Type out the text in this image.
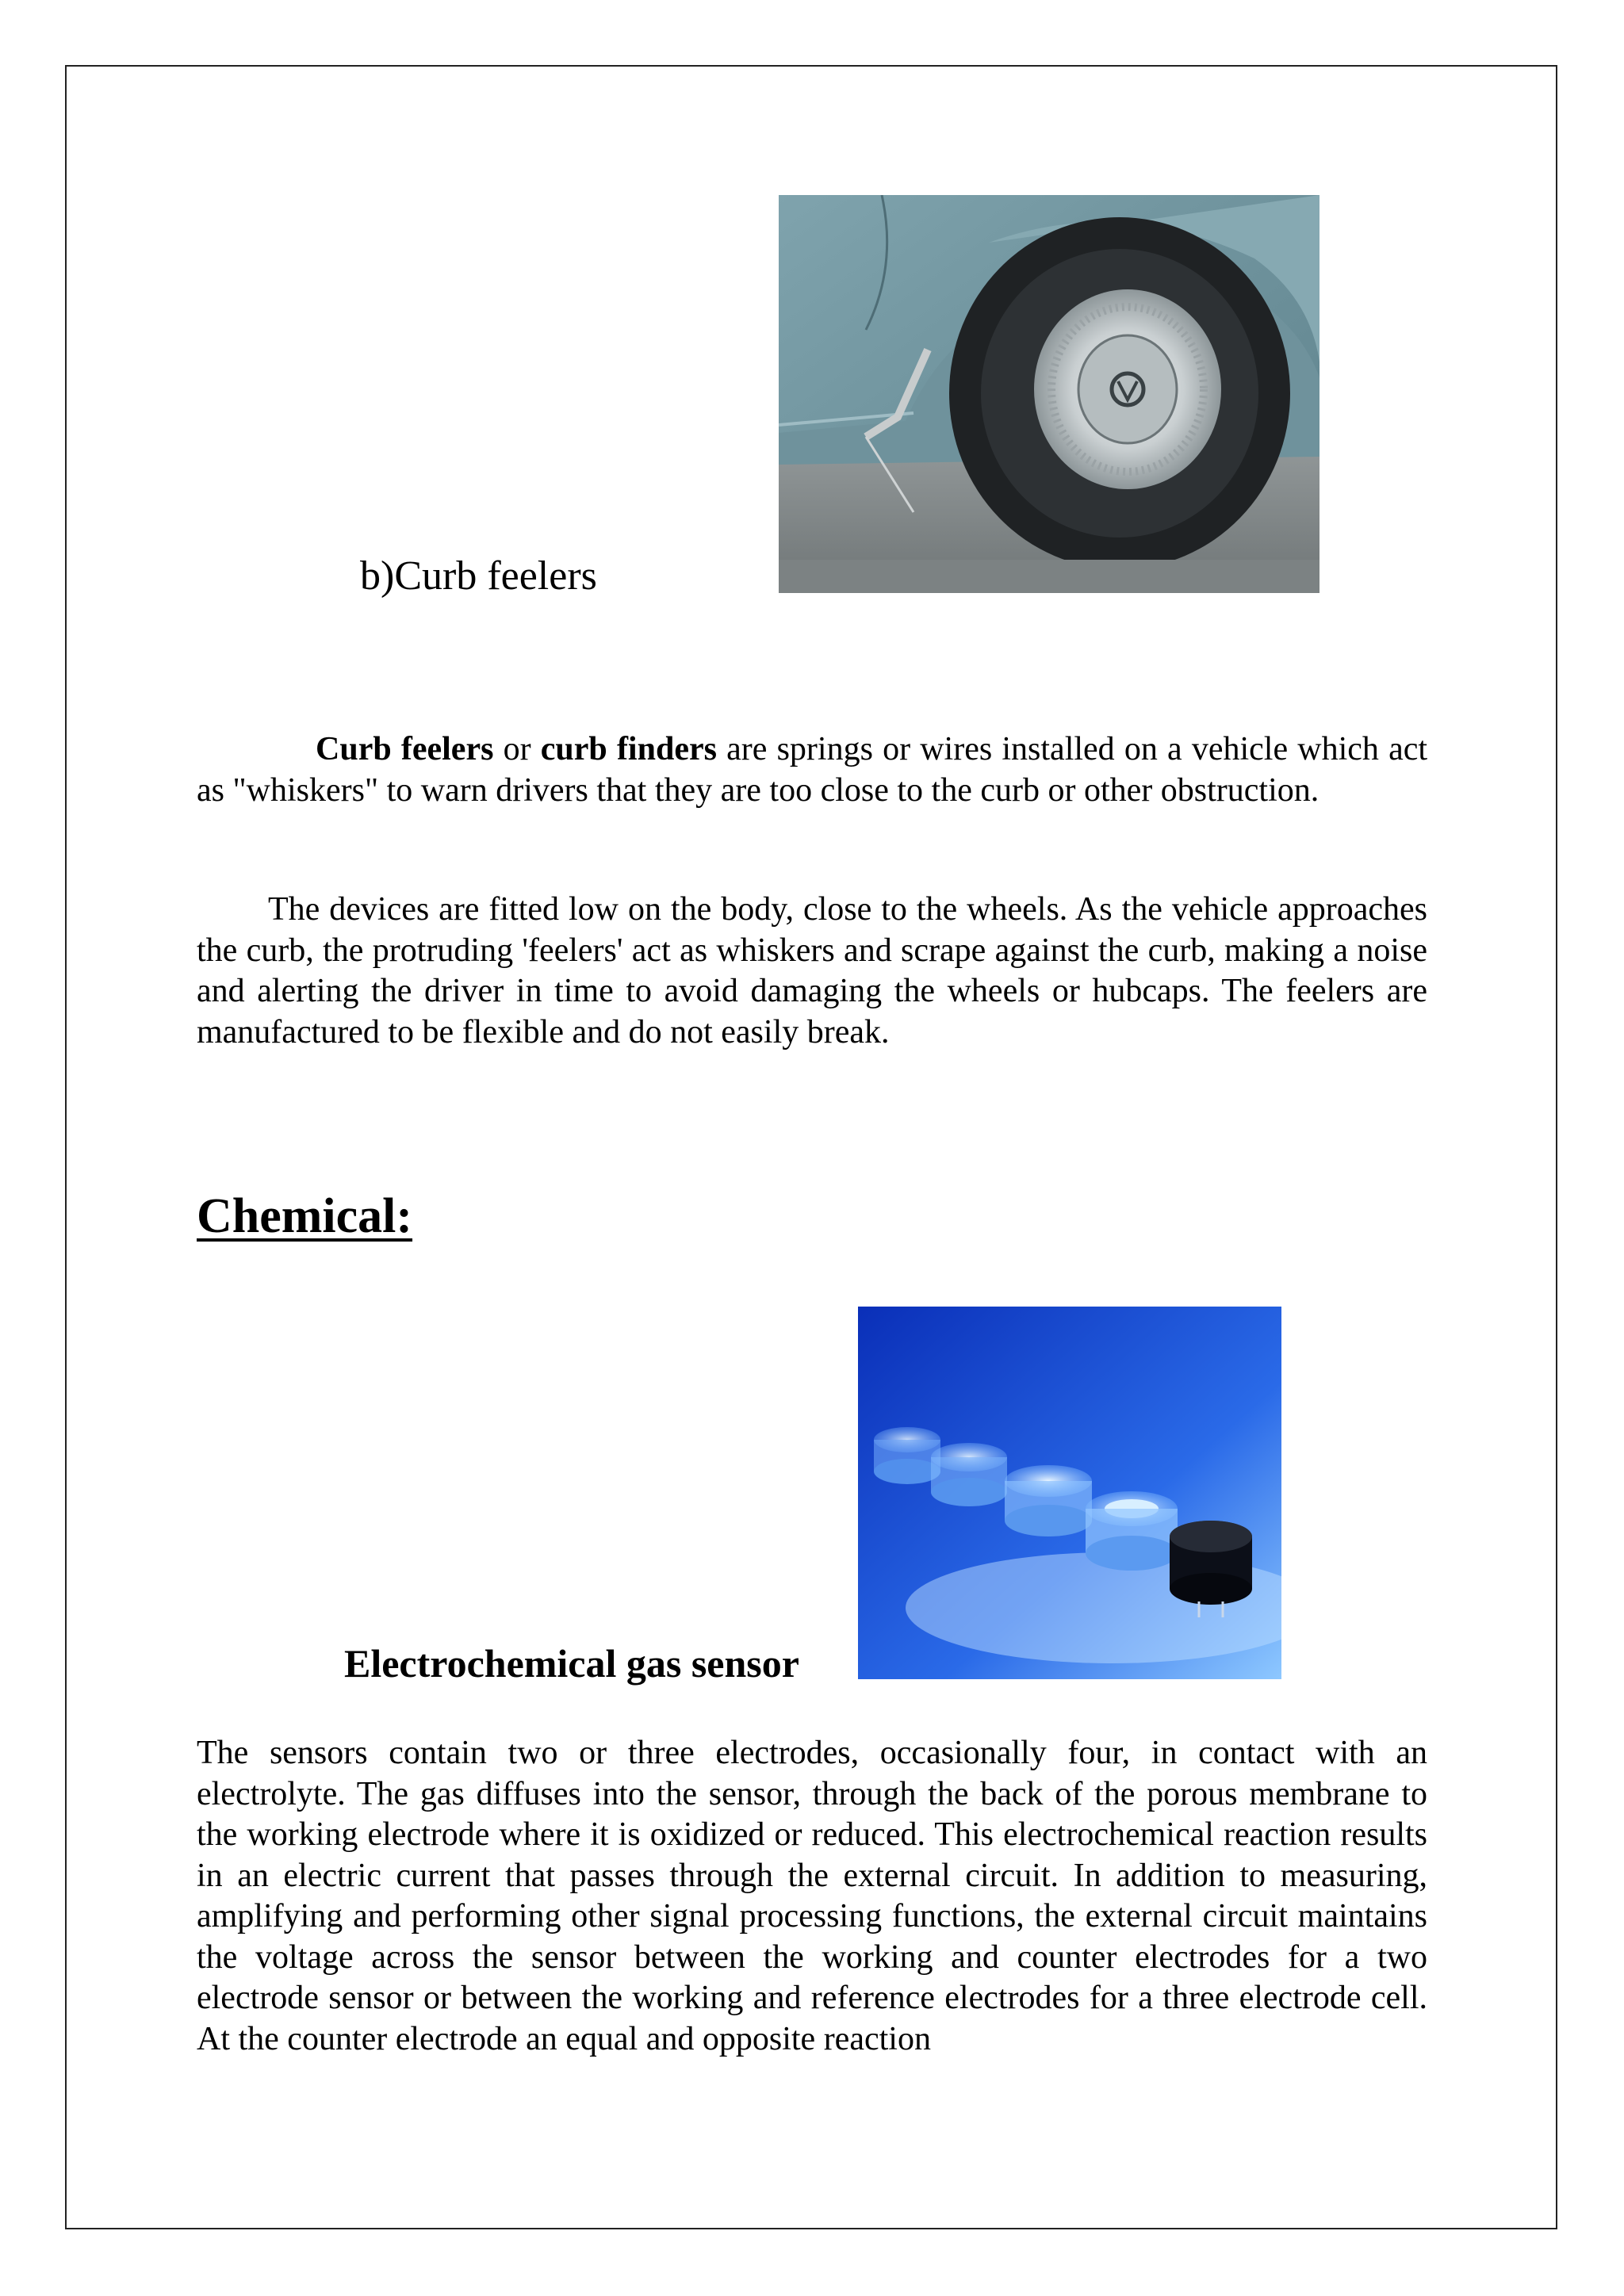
b)Curb feelers
Curb feelers or curb finders are springs or wires installed on a vehicle which act as "whiskers" to warn drivers that they are too close to the curb or other obstruction.
The devices are fitted low on the body, close to the wheels. As the vehicle approaches the curb, the protruding 'feelers' act as whiskers and scrape against the curb, making a noise and alerting the driver in time to avoid damaging the wheels or hubcaps. The feelers are manufactured to be flexible and do not easily break.
Chemical:
Electrochemical gas sensor
The sensors contain two or three electrodes, occasionally four, in contact with an electrolyte. The gas diffuses into the sensor, through the back of the porous membrane to the working electrode where it is oxidized or reduced. This electrochemical reaction results in an electric current that passes through the external circuit. In addition to measuring, amplifying and performing other signal processing functions, the external circuit maintains the voltage across the sensor between the working and counter electrodes for a two electrode sensor or between the working and reference electrodes for a three electrode cell. At the counter electrode an equal and opposite reaction
